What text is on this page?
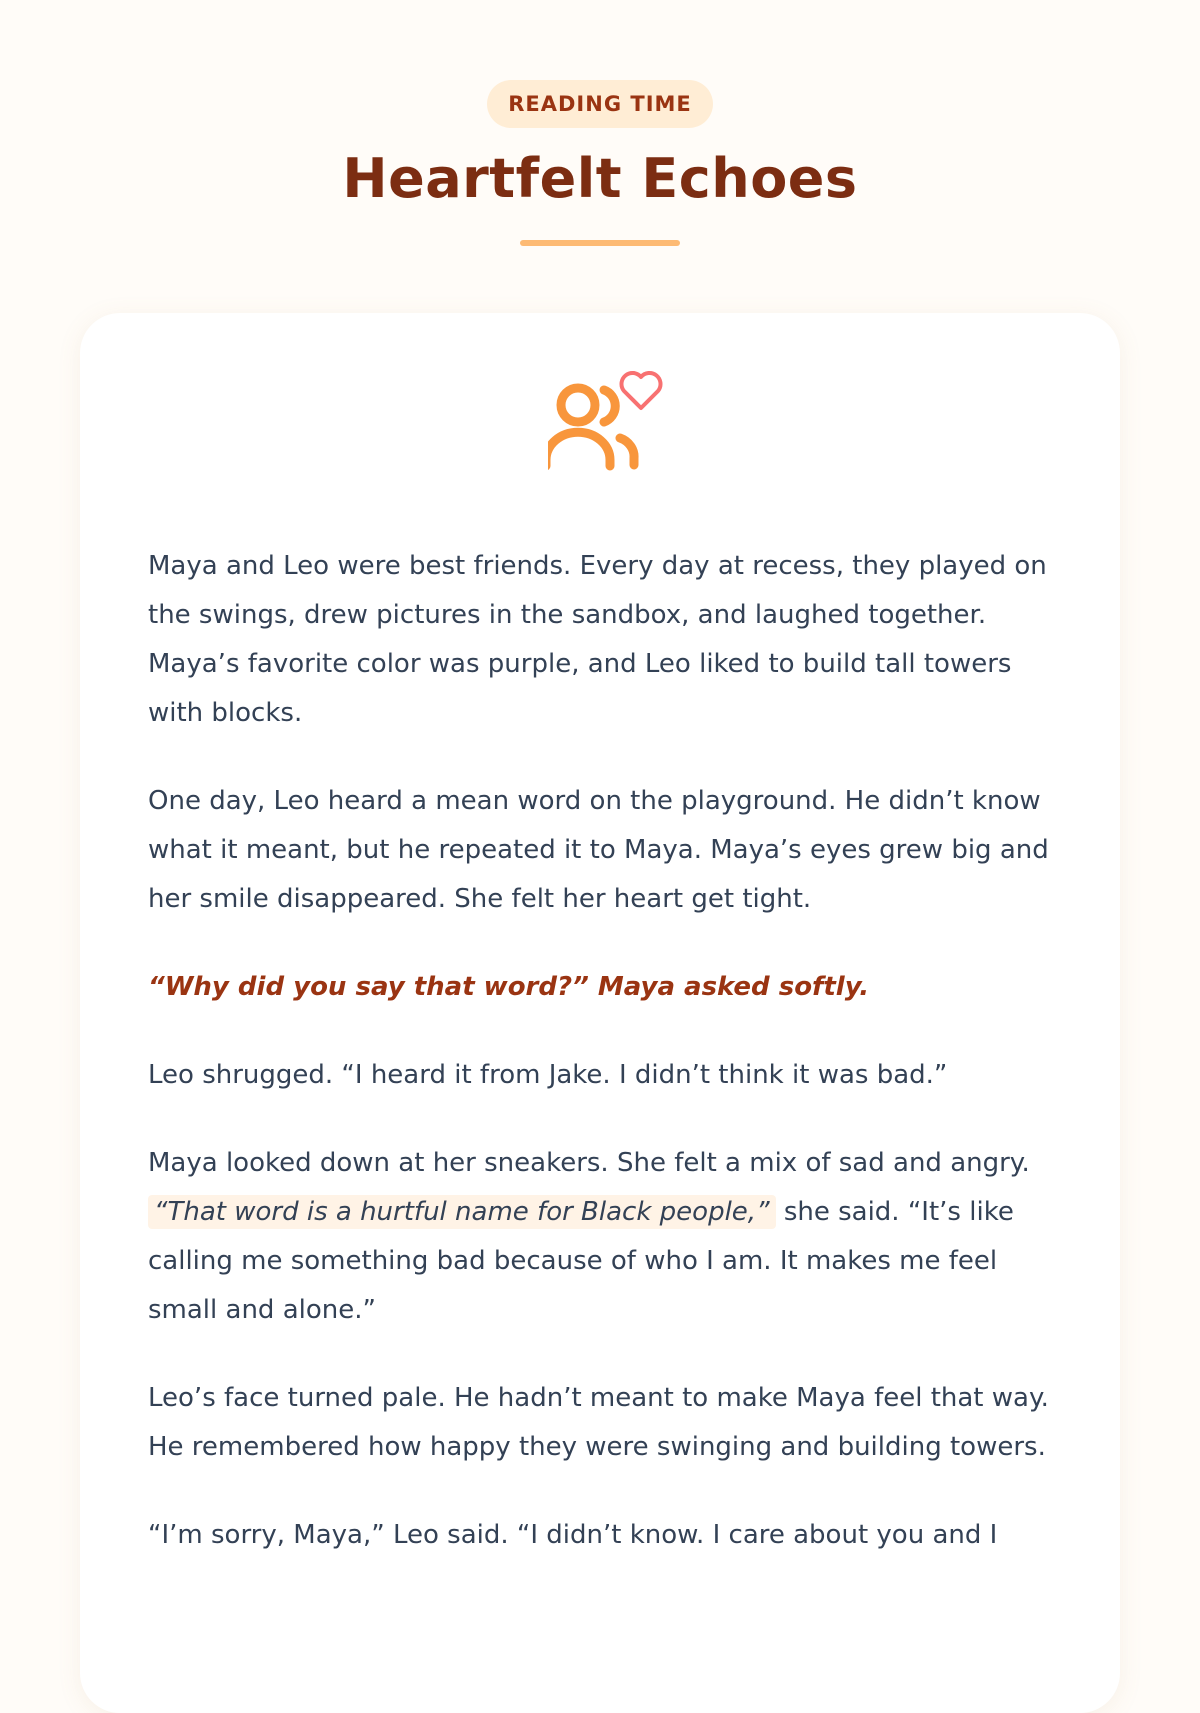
READING TIME
Heartfelt Echoes

Maya and Leo were best friends. Every day at recess, they played on the swings, drew pictures in the sandbox, and laughed together. Maya’s favorite color was purple, and Leo liked to build tall towers with blocks.

One day, Leo heard a mean word on the playground. He didn’t know what it meant, but he repeated it to Maya. Maya’s eyes grew big and her smile disappeared. She felt her heart get tight.

“Why did you say that word?” Maya asked softly.

Leo shrugged. “I heard it from Jake. I didn’t think it was bad.”

Maya looked down at her sneakers. She felt a mix of sad and angry. “That word is a hurtful name for Black people,” she said. “It’s like calling me something bad because of who I am. It makes me feel small and alone.”

Leo’s face turned pale. He hadn’t meant to make Maya feel that way. He remembered how happy they were swinging and building towers.

“I’m sorry, Maya,” Leo said. “I didn’t know. I care about you and I
